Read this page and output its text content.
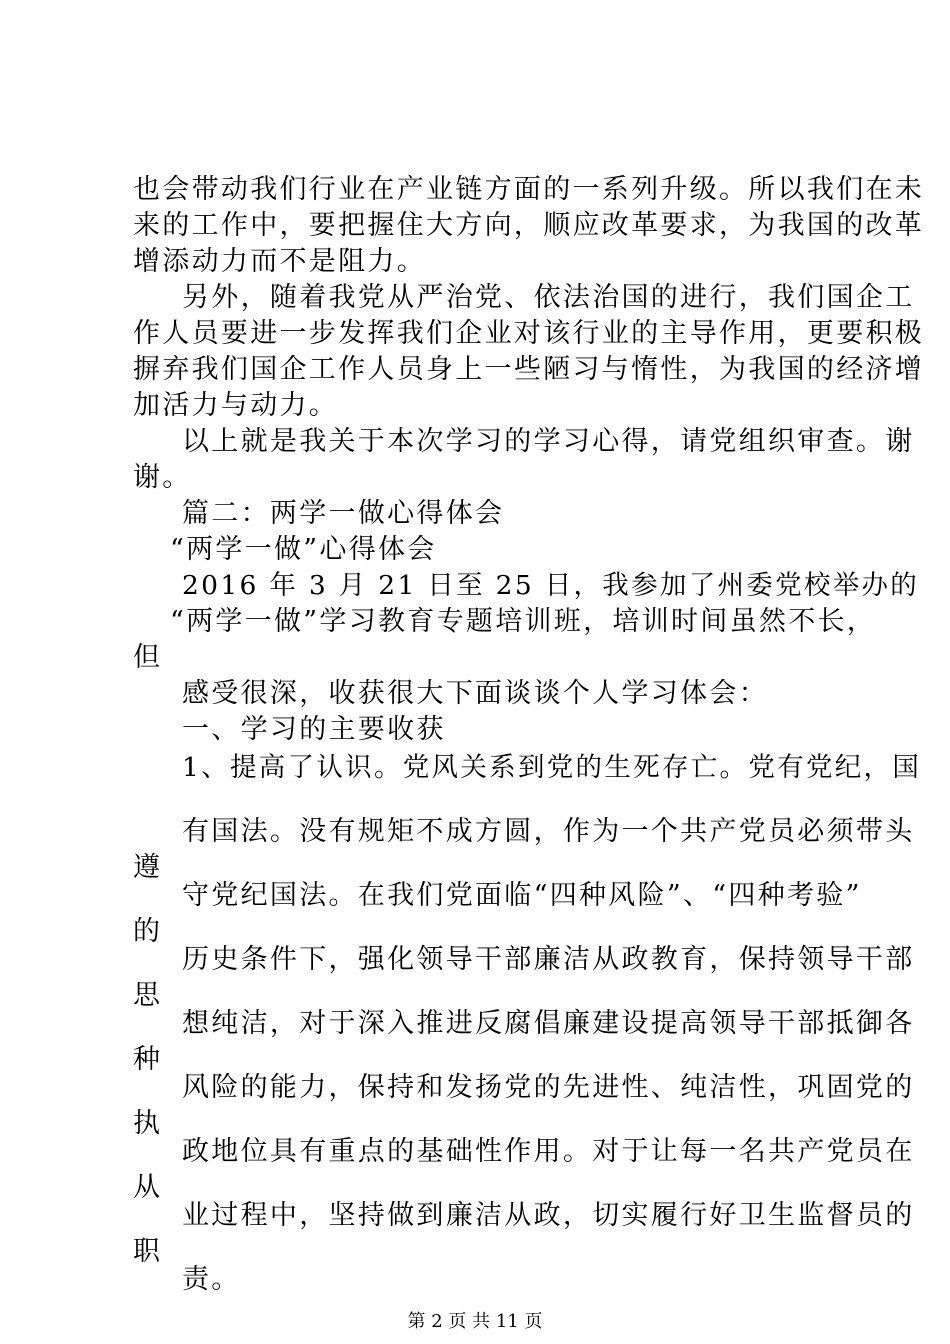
也会带动我们行业在产业链方面的一系列升级。所以我们在未
来的工作中，要把握住大方向，顺应改革要求，为我国的改革
增添动力而不是阻力。
另外，随着我党从严治党、依法治国的进行，我们国企工
作人员要进一步发挥我们企业对该行业的主导作用，更要积极
摒弃我们国企工作人员身上一些陋习与惰性，为我国的经济增
加活力与动力。
以上就是我关于本次学习的学习心得，请党组织审查。谢
谢。
篇二：两学一做心得体会
“两学一做”心得体会
2016 年 3 月 21 日至 25 日，我参加了州委党校举办的
“两学一做”学习教育专题培训班，培训时间虽然不长，
但
感受很深，收获很大下面谈谈个人学习体会：
一、学习的主要收获
1、提高了认识。党风关系到党的生死存亡。党有党纪，国
有国法。没有规矩不成方圆，作为一个共产党员必须带头
遵
守党纪国法。在我们党面临“四种风险”、“四种考验”
的
历史条件下，强化领导干部廉洁从政教育，保持领导干部
思
想纯洁，对于深入推进反腐倡廉建设提高领导干部抵御各
种
风险的能力，保持和发扬党的先进性、纯洁性，巩固党的
执
政地位具有重点的基础性作用。对于让每一名共产党员在
从
业过程中，坚持做到廉洁从政，切实履行好卫生监督员的
职
责。
第 2 页 共 11 页
